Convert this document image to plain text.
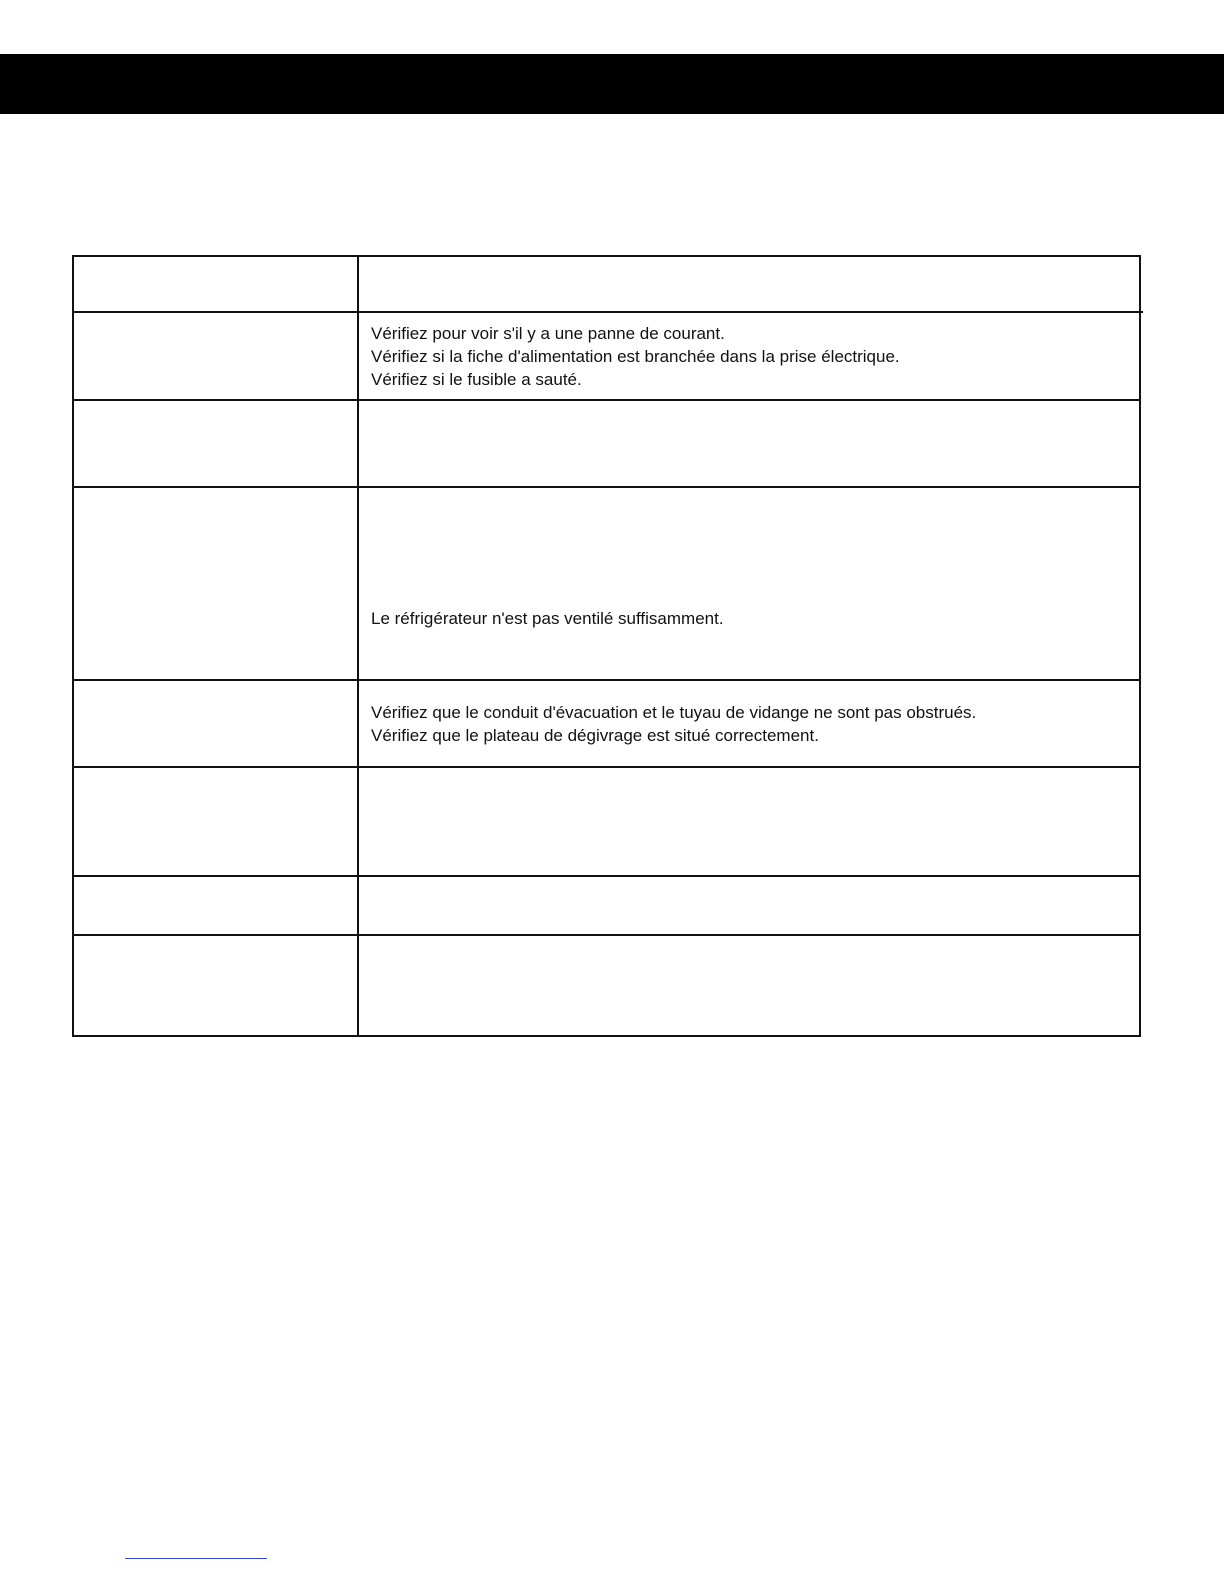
	Vérifiez pour voir s'il y a une panne de courant.
Vérifiez si la fiche d'alimentation est branchée dans la prise électrique.
Vérifiez si le fusible a sauté.

	Le réfrigérateur n'est pas ventilé suffisamment.

	Vérifiez que le conduit d'évacuation et le tuyau de vidange ne sont pas obstrués.
Vérifiez que le plateau de dégivrage est situé correctement.
